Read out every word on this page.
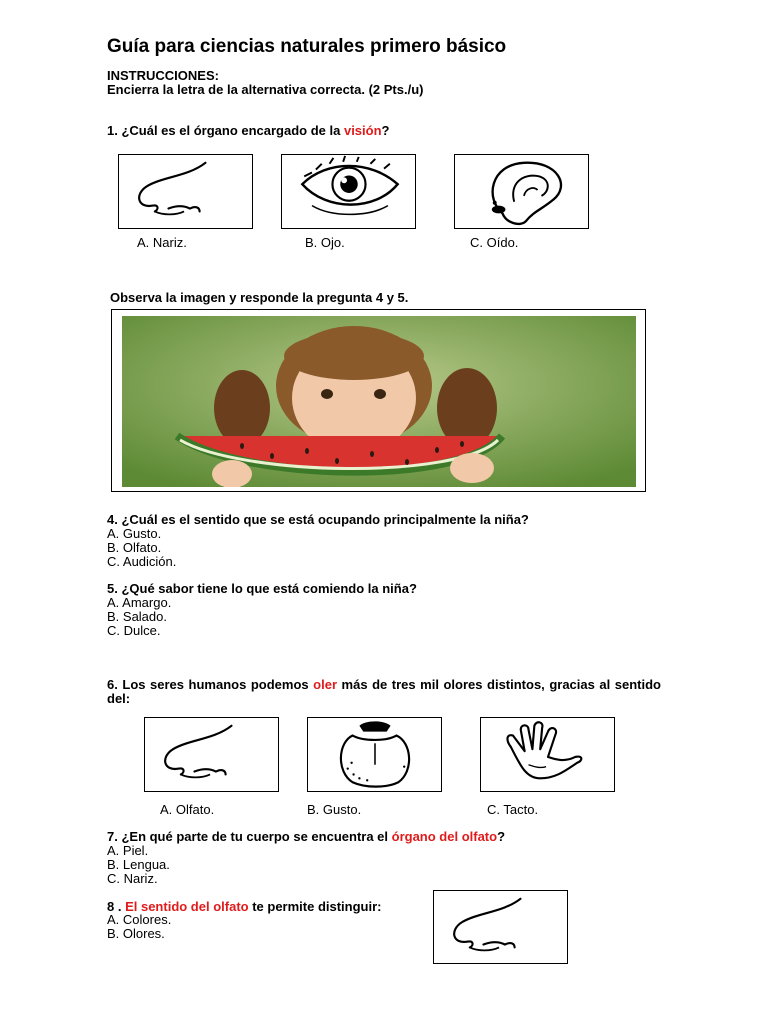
Guía para ciencias naturales primero básico
INSTRUCCIONES:
Encierra la letra de la alternativa correcta. (2 Pts./u)
1. ¿Cuál es el órgano encargado de la visión?
A. Nariz.	B. Ojo.	C. Oído.
Observa la imagen y responde la pregunta 4 y 5.
4. ¿Cuál es el sentido que se está ocupando principalmente la niña?
A. Gusto.
B. Olfato.
C. Audición.
5. ¿Qué sabor tiene lo que está comiendo la niña?
A. Amargo.
B. Salado.
C. Dulce.
6. Los seres humanos podemos oler más de tres mil olores distintos, gracias al sentido del:
A. Olfato.	B. Gusto.	C. Tacto.
7. ¿En qué parte de tu cuerpo se encuentra el órgano del olfato?
A. Piel.
B. Lengua.
C. Nariz.
8 . El sentido del olfato te permite distinguir:
A. Colores.
B. Olores.
